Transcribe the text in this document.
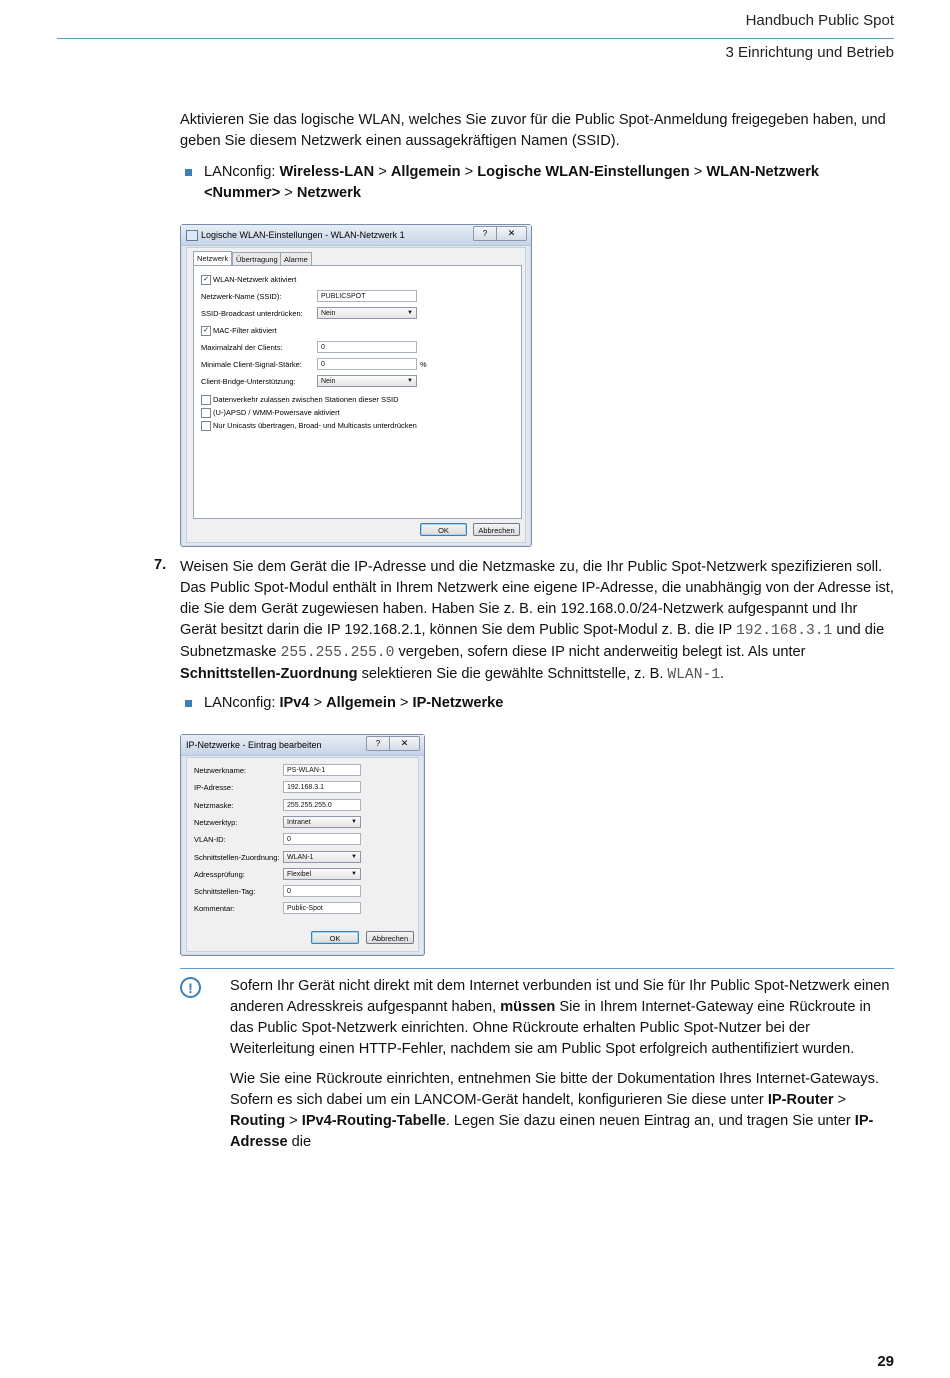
Handbuch Public Spot
3 Einrichtung und Betrieb

Aktivieren Sie das logische WLAN, welches Sie zuvor für die Public Spot-Anmeldung freigegeben haben, und geben Sie diesem Netzwerk einen aussagekräftigen Namen (SSID).

LANconfig: Wireless-LAN > Allgemein > Logische WLAN-Einstellungen > WLAN-Netzwerk <Nummer> > Netzwerk
Logische WLAN-Einstellungen - WLAN-Netzwerk 1	?	✕
Netzwerk	Übertragung Alarme
✓ WLAN-Netzwerk aktiviert
Netzwerk-Name (SSID):	PUBLICSPOT
SSID-Broadcast unterdrücken:	Nein	▼
✓ MAC-Filter aktiviert
Maximalzahl der Clients:	0
Minimale Client-Signal-Stärke:	0	%
Client-Bridge-Unterstützung:	Nein	▼
Datenverkehr zulassen zwischen Stationen dieser SSID
(U-)APSD / WMM-Powersave aktiviert
Nur Unicasts übertragen, Broad- und Multicasts unterdrücken
OK	Abbrechen
7. Weisen Sie dem Gerät die IP-Adresse und die Netzmaske zu, die Ihr Public Spot-Netzwerk spezifizieren soll.

Das Public Spot-Modul enthält in Ihrem Netzwerk eine eigene IP-Adresse, die unabhängig von der Adresse ist, die Sie dem Gerät zugewiesen haben. Haben Sie z. B. ein 192.168.0.0/24-Netzwerk aufgespannt und Ihr Gerät besitzt darin die IP 192.168.2.1, können Sie dem Public Spot-Modul z. B. die IP 192.168.3.1 und die Subnetzmaske 255.255.255.0 vergeben, sofern diese IP nicht anderweitig belegt ist. Als unter Schnittstellen-Zuordnung selektieren Sie die gewählte Schnittstelle, z. B. WLAN-1.

LANconfig: IPv4 > Allgemein > IP-Netzwerke
IP-Netzwerke - Eintrag bearbeiten	?	✕
Netzwerkname:	PS-WLAN-1
IP-Adresse:	192.168.3.1
Netzmaske:	255.255.255.0
Netzwerktyp:	Intranet	▼
VLAN-ID:	0
Schnittstellen-Zuordnung:	WLAN-1	▼
Adressprüfung:	Flexibel	▼
Schnittstellen-Tag:	0
Kommentar:	Public-Spot
OK	Abbrechen
!	Sofern Ihr Gerät nicht direkt mit dem Internet verbunden ist und Sie für Ihr Public Spot-Netzwerk einen anderen Adresskreis aufgespannt haben, müssen Sie in Ihrem Internet-Gateway eine Rückroute in das Public Spot-Netzwerk einrichten. Ohne Rückroute erhalten Public Spot-Nutzer bei der Weiterleitung einen HTTP-Fehler, nachdem sie am Public Spot erfolgreich authentifiziert wurden.
Wie Sie eine Rückroute einrichten, entnehmen Sie bitte der Dokumentation Ihres Internet-Gateways. Sofern es sich dabei um ein LANCOM-Gerät handelt, konfigurieren Sie diese unter IP-Router > Routing > IPv4-Routing-Tabelle. Legen Sie dazu einen neuen Eintrag an, und tragen Sie unter IP-Adresse die
29
